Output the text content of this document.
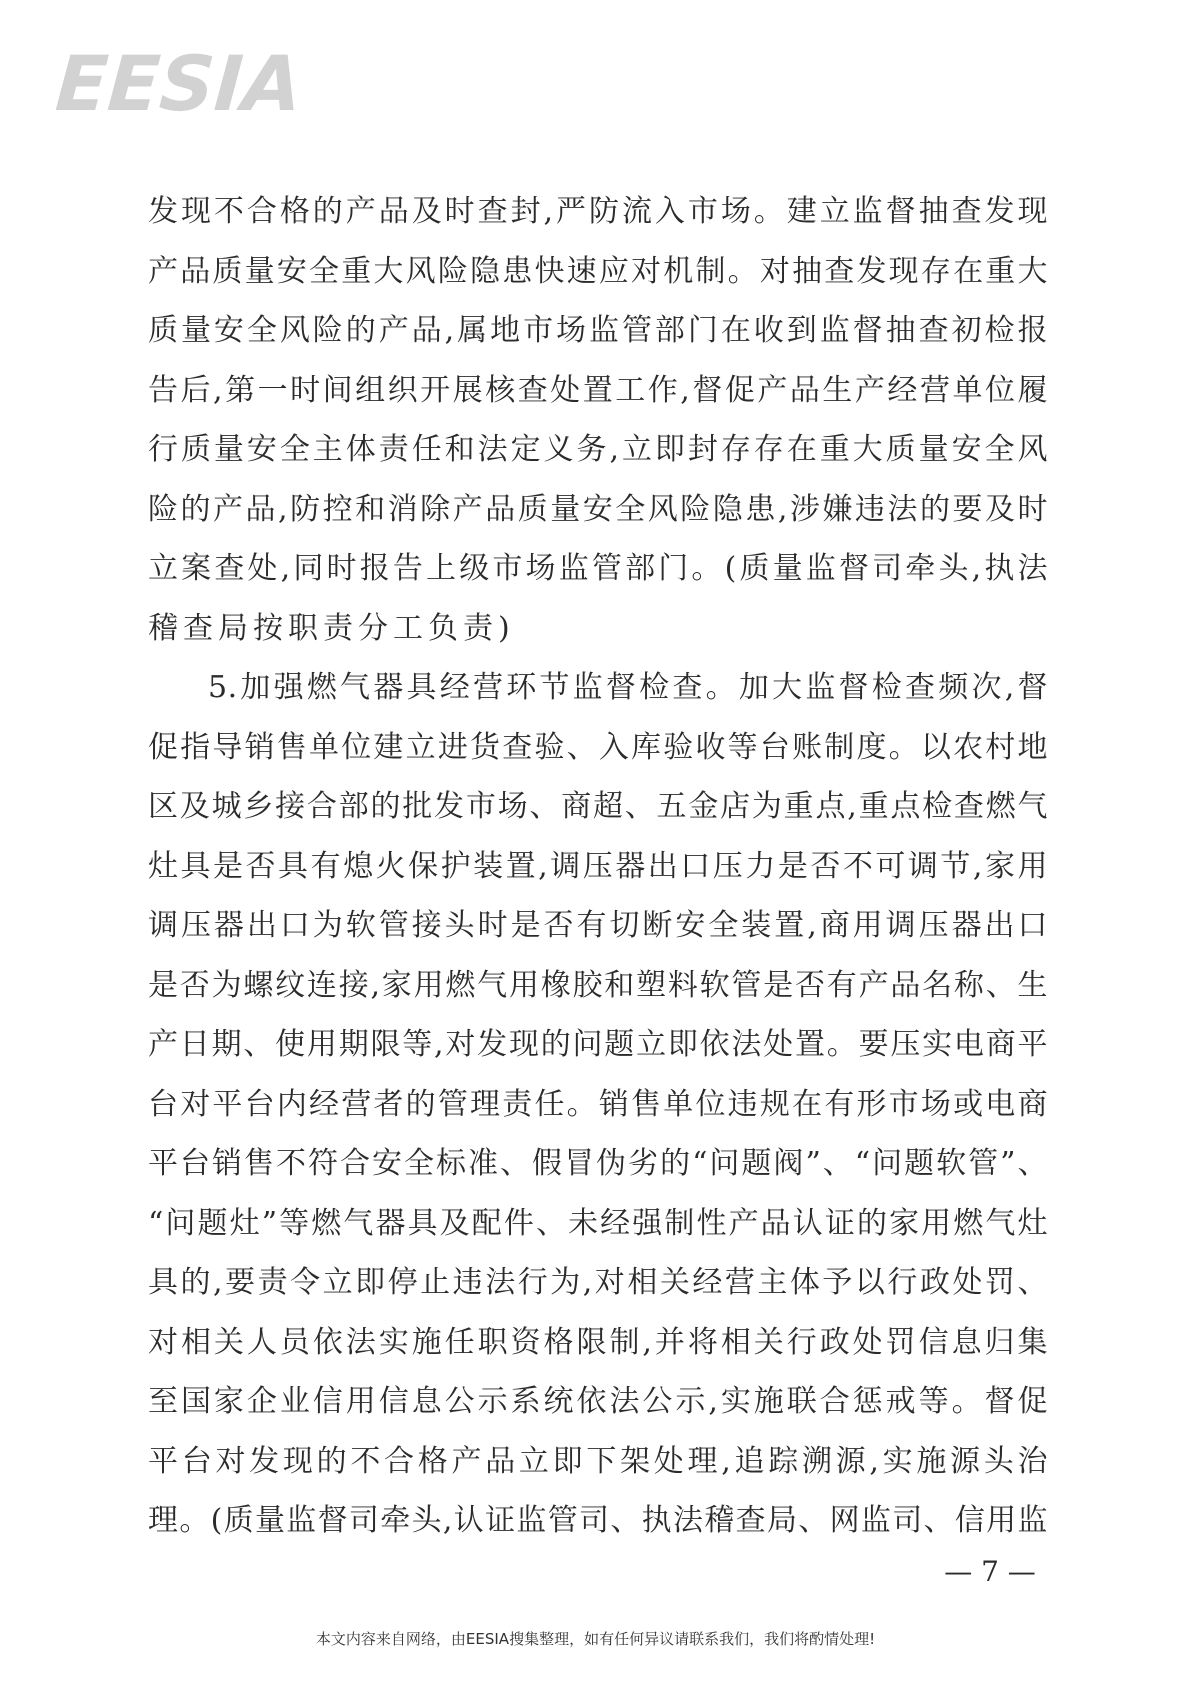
EESIA
发现不合格的产品及时查封,严防流入市场。建立监督抽查发现
产品质量安全重大风险隐患快速应对机制。对抽查发现存在重大
质量安全风险的产品,属地市场监管部门在收到监督抽查初检报
告后,第一时间组织开展核查处置工作,督促产品生产经营单位履
行质量安全主体责任和法定义务,立即封存存在重大质量安全风
险的产品,防控和消除产品质量安全风险隐患,涉嫌违法的要及时
立案查处,同时报告上级市场监管部门。(质量监督司牵头,执法
稽查局按职责分工负责)
5.加强燃气器具经营环节监督检查。加大监督检查频次,督
促指导销售单位建立进货查验、入库验收等台账制度。以农村地
区及城乡接合部的批发市场、商超、五金店为重点,重点检查燃气
灶具是否具有熄火保护装置,调压器出口压力是否不可调节,家用
调压器出口为软管接头时是否有切断安全装置,商用调压器出口
是否为螺纹连接,家用燃气用橡胶和塑料软管是否有产品名称、生
产日期、使用期限等,对发现的问题立即依法处置。要压实电商平
台对平台内经营者的管理责任。销售单位违规在有形市场或电商
平台销售不符合安全标准、假冒伪劣的“问题阀”、“问题软管”、
“问题灶”等燃气器具及配件、未经强制性产品认证的家用燃气灶
具的,要责令立即停止违法行为,对相关经营主体予以行政处罚、
对相关人员依法实施任职资格限制,并将相关行政处罚信息归集
至国家企业信用信息公示系统依法公示,实施联合惩戒等。督促
平台对发现的不合格产品立即下架处理,追踪溯源,实施源头治
理。(质量监督司牵头,认证监管司、执法稽查局、网监司、信用监
— 7 —
本文内容来自网络，由EESIA搜集整理，如有任何异议请联系我们，我们将酌情处理!
